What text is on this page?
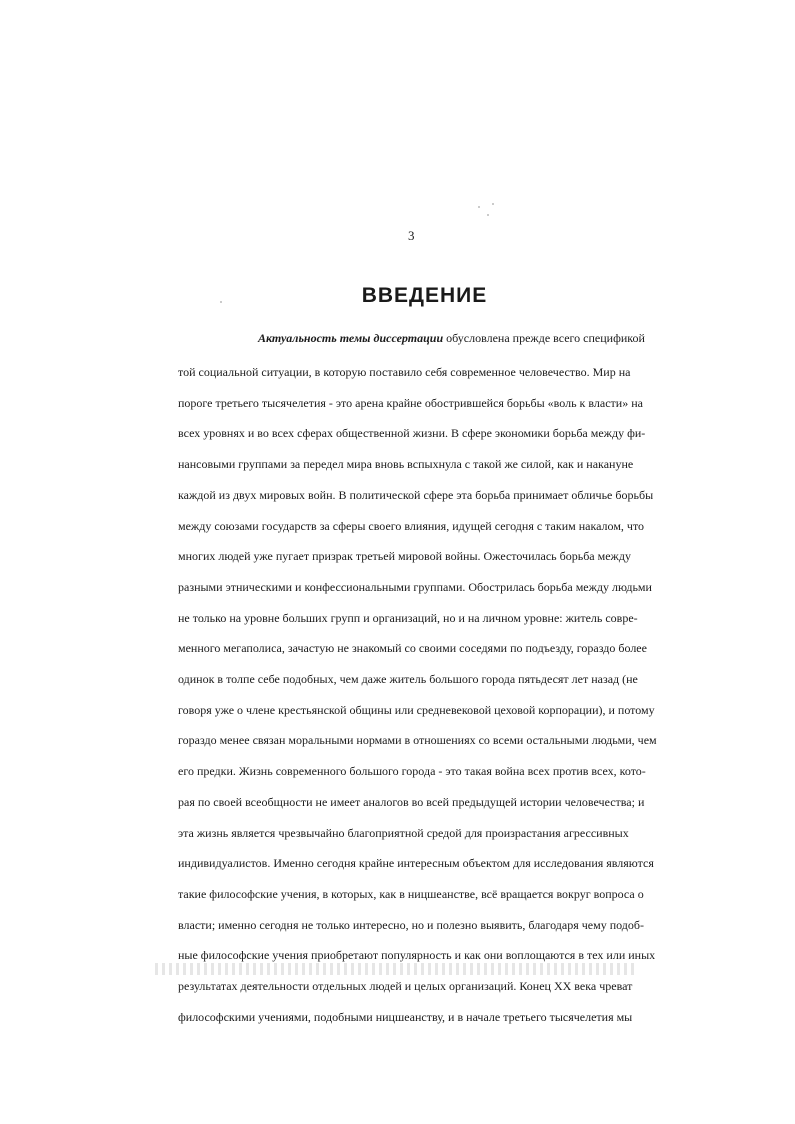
3
ВВЕДЕНИЕ
Актуальность темы диссертации обусловлена прежде всего спецификой
той социальной ситуации, в которую поставило себя современное человечество. Мир на
пороге третьего тысячелетия - это арена крайне обострившейся борьбы «воль к власти» на
всех уровнях и во всех сферах общественной жизни. В сфере экономики борьба между фи-
нансовыми группами за передел мира вновь вспыхнула с такой же силой, как и накануне
каждой из двух мировых войн. В политической сфере эта борьба принимает обличье борьбы
между союзами государств за сферы своего влияния, идущей сегодня с таким накалом, что
многих людей уже пугает призрак третьей мировой войны. Ожесточилась борьба между
разными этническими и конфессиональными группами. Обострилась борьба между людьми
не только на уровне больших групп и организаций, но и на личном уровне: житель совре-
менного мегаполиса, зачастую не знакомый со своими соседями по подъезду, гораздо более
одинок в толпе себе подобных, чем даже житель большого города пятьдесят лет назад (не
говоря уже о члене крестьянской общины или средневековой цеховой корпорации), и потому
гораздо менее связан моральными нормами в отношениях со всеми остальными людьми, чем
его предки. Жизнь современного большого города - это такая война всех против всех, кото-
рая по своей всеобщности не имеет аналогов во всей предыдущей истории человечества; и
эта жизнь является чрезвычайно благоприятной средой для произрастания агрессивных
индивидуалистов. Именно сегодня крайне интересным объектом для исследования являются
такие философские учения, в которых, как в ницшеанстве, всё вращается вокруг вопроса о
власти; именно сегодня не только интересно, но и полезно выявить, благодаря чему подоб-
ные философские учения приобретают популярность и как они воплощаются в тех или иных
результатах деятельности отдельных людей и целых организаций. Конец XX века чреват
философскими учениями, подобными ницшеанству, и в начале третьего тысячелетия мы
